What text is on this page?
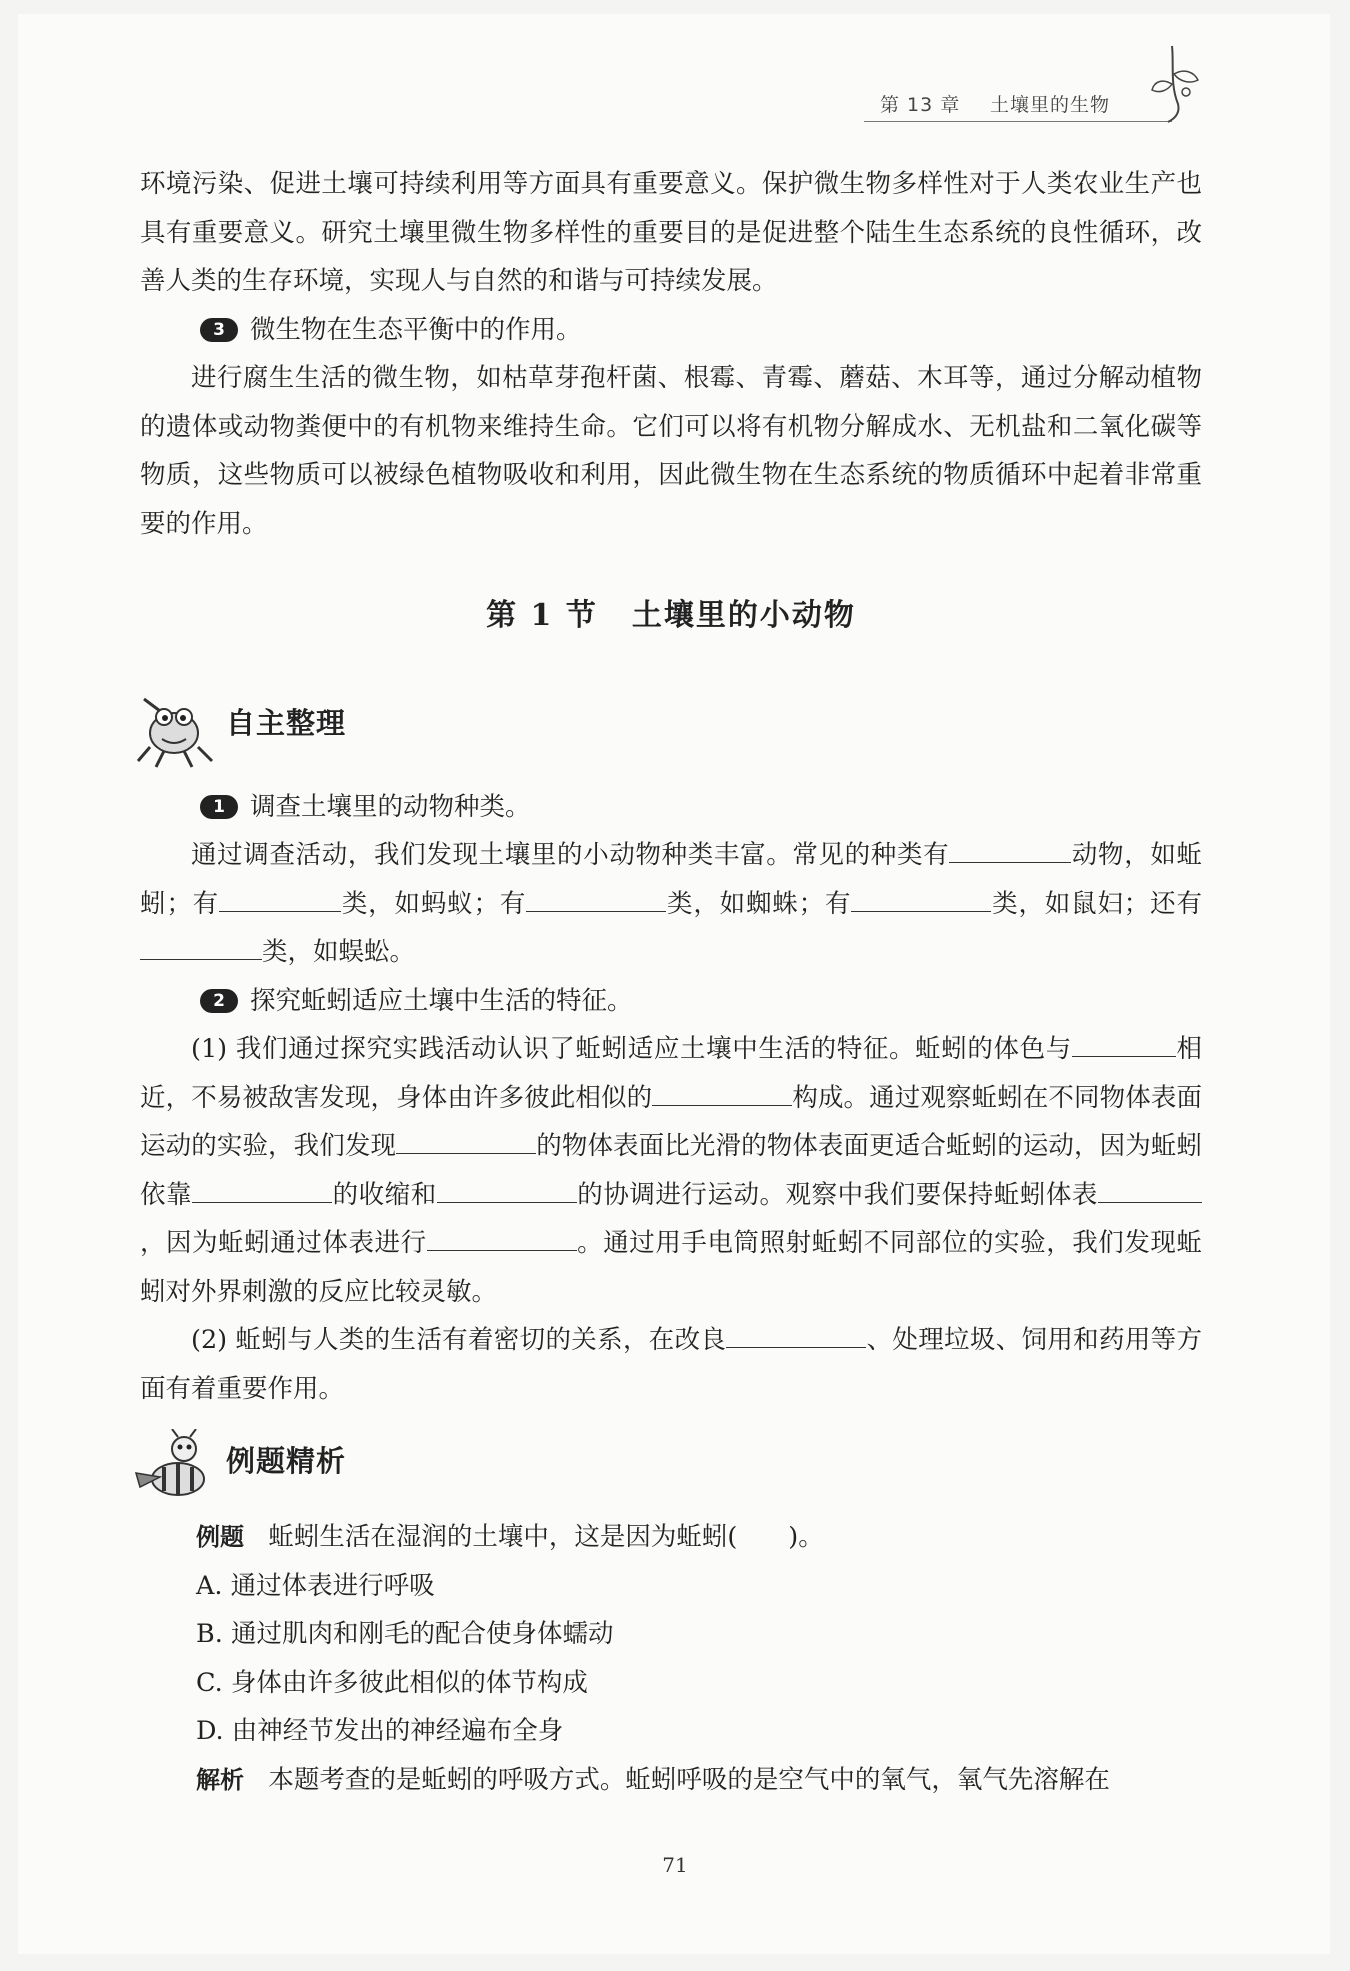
第 13 章 土壤里的生物

环境污染、促进土壤可持续利用等方面具有重要意义。保护微生物多样性对于人类农业生产也具有重要意义。研究土壤里微生物多样性的重要目的是促进整个陆生生态系统的良性循环，改善人类的生存环境，实现人与自然的和谐与可持续发展。

3 微生物在生态平衡中的作用。

进行腐生生活的微生物，如枯草芽孢杆菌、根霉、青霉、蘑菇、木耳等，通过分解动植物的遗体或动物粪便中的有机物来维持生命。它们可以将有机物分解成水、无机盐和二氧化碳等物质，这些物质可以被绿色植物吸收和利用，因此微生物在生态系统的物质循环中起着非常重要的作用。

第 1 节 土壤里的小动物
自主整理

1 调查土壤里的动物种类。

通过调查活动，我们发现土壤里的小动物种类丰富。常见的种类有	动物，如蚯蚓；有	类，如蚂蚁；有	类，如蜘蛛；有	类，如鼠妇；还有类，如蜈蚣。

2 探究蚯蚓适应土壤中生活的特征。

(1) 我们通过探究实践活动认识了蚯蚓适应土壤中生活的特征。蚯蚓的体色与	相近，不易被敌害发现，身体由许多彼此相似的	构成。通过观察蚯蚓在不同物体表面运动的实验，我们发现	的物体表面比光滑的物体表面更适合蚯蚓的运动，因为蚯蚓依靠	的收缩和	的协调进行运动。观察中我们要保持蚯蚓体表，因为蚯蚓通过体表进行	。通过用手电筒照射蚯蚓不同部位的实验，我们发现蚯蚓对外界刺激的反应比较灵敏。

(2) 蚯蚓与人类的生活有着密切的关系，在改良	、处理垃圾、饲用和药用等方面有着重要作用。

例题精析

例题 蚯蚓生活在湿润的土壤中，这是因为蚯蚓(　　)。

A. 通过体表进行呼吸

B. 通过肌肉和刚毛的配合使身体蠕动

C. 身体由许多彼此相似的体节构成

D. 由神经节发出的神经遍布全身

解析 本题考查的是蚯蚓的呼吸方式。蚯蚓呼吸的是空气中的氧气，氧气先溶解在

71
